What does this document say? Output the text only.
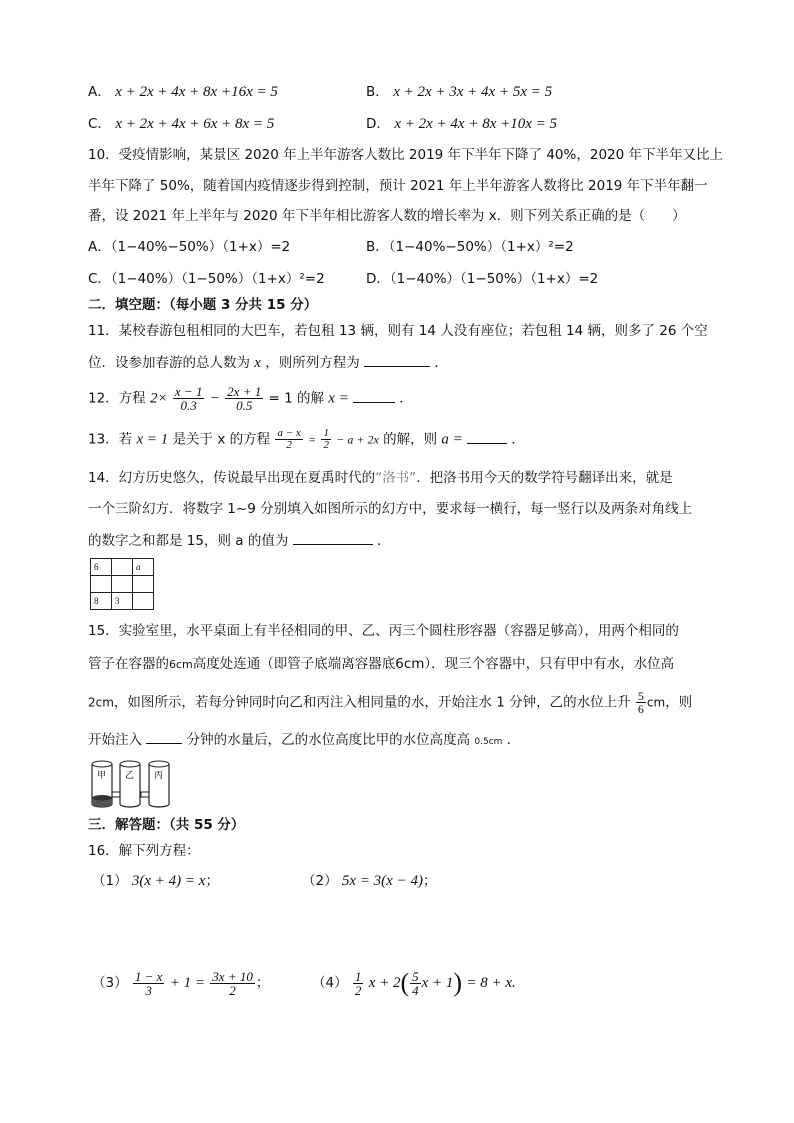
A． x + 2x + 4x + 8x +16x = 5	B． x + 2x + 3x + 4x + 5x = 5
C． x + 2x + 4x + 6x + 8x = 5	D． x + 2x + 4x + 8x +10x = 5
10．受疫情影响，某景区 2020 年上半年游客人数比 2019 年下半年下降了 40%，2020 年下半年又比上
半年下降了 50%，随着国内疫情逐步得到控制，预计 2021 年上半年游客人数将比 2019 年下半年翻一
番，设 2021 年上半年与 2020 年下半年相比游客人数的增长率为 x．则下列关系正确的是（　　）
A．（1−40%−50%）（1+x）=2	B．（1−40%−50%）（1+x）²=2
C．（1−40%）（1−50%）（1+x）²=2	D．（1−40%）（1−50%）（1+x）=2
二．填空题：（每小题 3 分共 15 分）
11．某校春游包租相同的大巴车，若包租 13 辆，则有 14 人没有座位；若包租 14 辆，则多了 26 个空
位．设参加春游的总人数为 x ，则所列方程为	．
12．方程 $2\times \frac{x - 1}{0.3} - \frac{2x + 1}{0.5} = 1$ 的解 x =	．
13．若 x = 1 是关于 x 的方程 $\frac{a - x}{2} = \frac{1}{2} - a + 2x$ 的解，则 a =	．
14．幻方历史悠久，传说最早出现在夏禹时代的“洛书”．把洛书用今天的数学符号翻译出来，就是
一个三阶幻方．将数字 1~9 分别填入如图所示的幻方中，要求每一横行，每一竖行以及两条对角线上
的数字之和都是 15，则 a 的值为	．
6		a

8	3	
15．实验室里，水平桌面上有半径相同的甲、乙、丙三个圆柱形容器（容器足够高），用两个相同的
管子在容器的6cm高度处连通（即管子底端离容器底6cm）．现三个容器中，只有甲中有水，水位高
2cm，如图所示，若每分钟同时向乙和丙注入相同量的水，开始注水 1 分钟，乙的水位上升 $\frac{5}{6}$ cm，则
开始注入	分钟的水量后，乙的水位高度比甲的水位高度高 0.5cm ．
甲 乙 丙
三．解答题：（共 55 分）
16．解下列方程：
（1） 3(x + 4) = x；	（2） 5x = 3(x − 4)；
$(3) \frac{1 - x}{3} + 1 = \frac{3x + 10}{2}$ ；	$(4) \frac{1}{2}$ $x + 2( \frac{5}{4}$ x + 1) = 8 + x.
